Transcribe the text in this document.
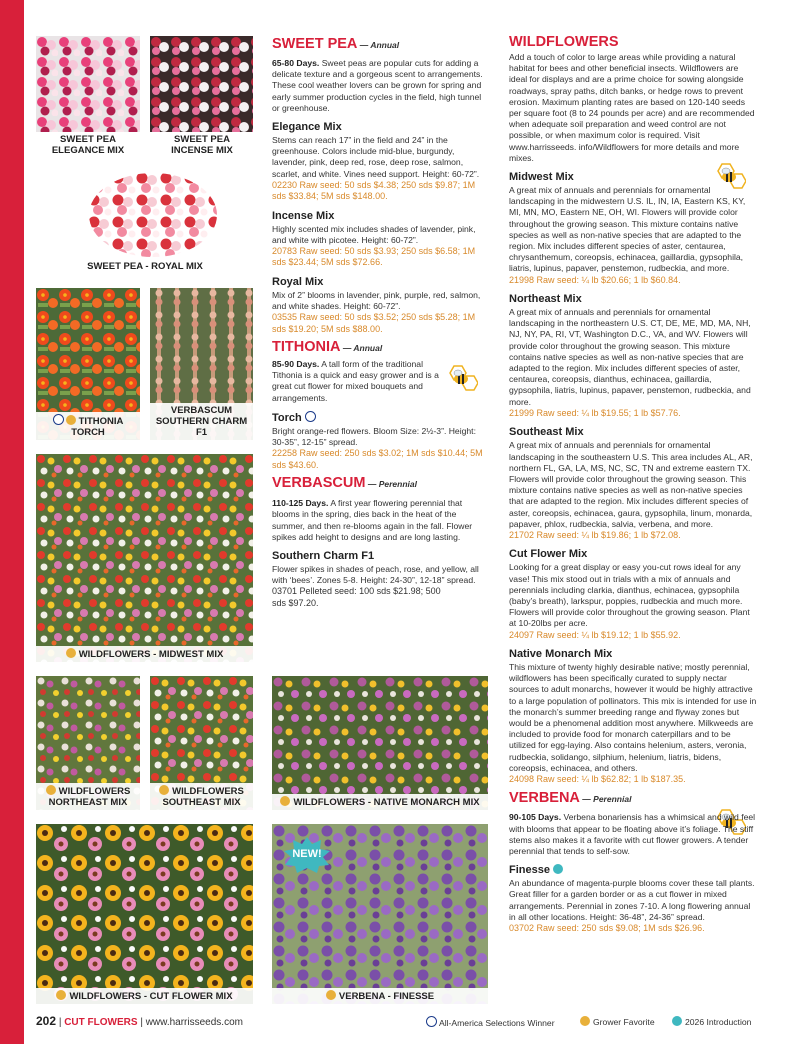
SWEET PEA ELEGANCE MIX
SWEET PEA INCENSE MIX
SWEET PEA - ROYAL MIX
TITHONIA TORCH
VERBASCUM SOUTHERN CHARM F1
WILDFLOWERS - MIDWEST MIX
WILDFLOWERS NORTHEAST MIX
WILDFLOWERS SOUTHEAST MIX
WILDFLOWERS - CUT FLOWER MIX
WILDFLOWERS - NATIVE MONARCH MIX
VERBENA - FINESSE
NEW!
SWEET PEA — Annual
65-80 Days. Sweet peas are popular cuts for adding a delicate texture and a gorgeous scent to arrangements. These cool weather lovers can be grown for spring and early summer production cycles in the field, high tunnel or greenhouse.
Elegance Mix
Stems can reach 17” in the field and 24” in the greenhouse. Colors include mid-blue, burgundy, lavender, pink, deep red, rose, deep rose, salmon, scarlet, and white. Vines need support. Height: 60-72”.
02230 Raw seed: 50 sds $4.38; 250 sds $9.87; 1M sds $33.84; 5M sds $148.00.
Incense Mix
Highly scented mix includes shades of lavender, pink, and white with picotee. Height: 60-72”.
20783 Raw seed: 50 sds $3.93; 250 sds $6.58; 1M sds $23.44; 5M sds $72.66.
Royal Mix
Mix of 2” blooms in lavender, pink, purple, red, salmon, and white shades. Height: 60-72”.
03535 Raw seed: 50 sds $3.52; 250 sds $5.28; 1M sds $19.20; 5M sds $88.00.
TITHONIA — Annual
85-90 Days. A tall form of the traditional Tithonia is a quick and easy grower and is a great cut flower for mixed bouquets and arrangements.
Torch
Bright orange-red flowers. Bloom Size: 2½-3”. Height: 30-35”, 12-15” spread.
22258 Raw seed: 250 sds $3.02; 1M sds $10.44; 5M sds $43.60.
VERBASCUM — Perennial
110-125 Days. A first year flowering perennial that blooms in the spring, dies back in the heat of the summer, and then re-blooms again in the fall. Flower spikes add height to designs and are long lasting.
Southern Charm F1
Flower spikes in shades of peach, rose, and yellow, all with ‘bees’. Zones 5-8. Height: 24-30”, 12-18” spread.
03701 Pelleted seed: 100 sds $21.98; 500 sds $97.20.
WILDFLOWERS
Add a touch of color to large areas while providing a natural habitat for bees and other beneficial insects. Wildflowers are ideal for displays and are a prime choice for sowing alongside roadways, spray paths, ditch banks, or hedge rows to prevent erosion. Maximum planting rates are based on 120-140 seeds per square foot (8 to 24 pounds per acre) and are recommended when adequate soil preparation and weed control are not possible, or when maximum color is required. Visit www.harrisseeds. info/Wildflowers for more details and more mixes.
Midwest Mix
A great mix of annuals and perennials for ornamental landscaping in the midwestern U.S. IL, IN, IA, Eastern KS, KY, MI, MN, MO, Eastern NE, OH, WI. Flowers will provide color throughout the growing season. This mixture contains native species as well as non-native species that are adapted to the region. Mix includes different species of aster, centaurea, chrysanthemum, coreopsis, echinacea, gaillardia, gypsophila, liatris, lupinus, papaver, penstemon, rudbeckia, and more.
21998 Raw seed: ¼ lb $20.66; 1 lb $60.84.
Northeast Mix
A great mix of annuals and perennials for ornamental landscaping in the northeastern U.S. CT, DE, ME, MD, MA, NH, NJ, NY, PA, RI, VT, Washington D.C., VA, and WV. Flowers will provide color throughout the growing season. This mixture contains native species as well as non-native species that are adapted to the region. Mix includes different species of aster, centaurea, coreopsis, dianthus, echinacea, gaillardia, gypsophila, liatris, lupinus, papaver, penstemon, rudbeckia, and more.
21999 Raw seed: ¼ lb $19.55; 1 lb $57.76.
Southeast Mix
A great mix of annuals and perennials for ornamental landscaping in the southeastern U.S. This area includes AL, AR, northern FL, GA, LA, MS, NC, SC, TN and extreme eastern TX. Flowers will provide color throughout the growing season. This mixture contains native species as well as non-native species that are adapted to the region. Mix includes different species of aster, coreopsis, echinacea, gaura, gypsophila, linum, monarda, papaver, phlox, rudbeckia, salvia, verbena, and more.
21702 Raw seed: ¼ lb $19.86; 1 lb $72.08.
Cut Flower Mix
Looking for a great display or easy you-cut rows ideal for any vase! This mix stood out in trials with a mix of annuals and perennials including clarkia, dianthus, echinacea, gypsophila (baby’s breath), larkspur, poppies, rudbeckia and much more. Flowers will provide color throughout the growing season. Plant at 10-20lbs per acre.
24097 Raw seed: ¼ lb $19.12; 1 lb $55.92.
Native Monarch Mix
This mixture of twenty highly desirable native; mostly perennial, wildflowers has been specifically curated to supply nectar sources to adult monarchs, however it would be highly attractive to a large population of pollinators. This mix is intended for use in the monarch’s summer breeding range and flyway zones but would be a phenomenal addition most anywhere. Milkweeds are included to provide food for monarch caterpillars and to be utilized for egg-laying. Also contains helenium, asters, veronia, rudbeckia, solidango, silphium, helenium, liatris, bidens, coreopsis, echinacea, and others.
24098 Raw seed: ¼ lb $62.82; 1 lb $187.35.
VERBENA — Perennial
90-105 Days. Verbena bonariensis has a whimsical and wild feel with blooms that appear to be floating above it’s foliage. The stiff stems also makes it a favorite with cut flower growers. A tender perennial that tends to self-sow.
Finesse
An abundance of magenta-purple blooms cover these tall plants. Great filler for a garden border or as a cut flower in mixed arrangements. Perennial in zones 7-10. A long flowering annual in all other locations. Height: 36-48”, 24-36” spread.
03702 Raw seed: 250 sds $9.08; 1M sds $26.96.
202 | CUT FLOWERS | www.harrisseeds.com	All-America Selections Winner	Grower Favorite	2026 Introduction
